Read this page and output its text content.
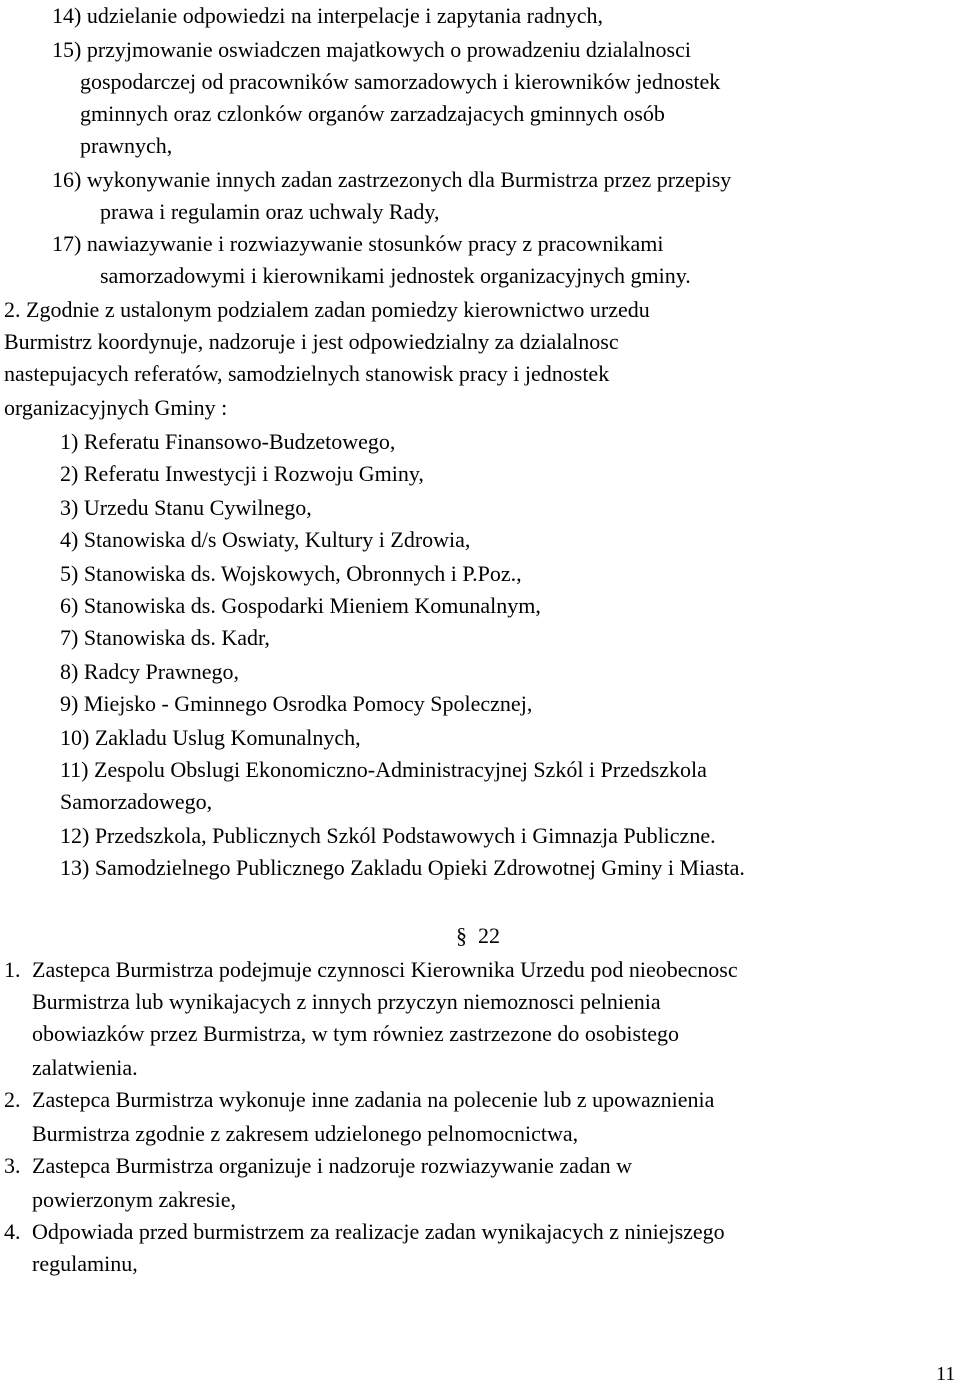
14) udzielanie odpowiedzi na interpelacje i zapytania radnych,
15) przyjmowanie oswiadczen majatkowych o prowadzeniu dzialalnosci
gospodarczej od pracowników samorzadowych i kierowników jednostek
gminnych oraz czlonków organów zarzadzajacych gminnych osób
prawnych,
16) wykonywanie innych zadan zastrzezonych dla Burmistrza przez przepisy
prawa i regulamin oraz uchwaly Rady,
17) nawiazywanie i rozwiazywanie stosunków pracy z pracownikami
samorzadowymi i kierownikami jednostek organizacyjnych gminy.
2. Zgodnie z ustalonym podzialem zadan pomiedzy kierownictwo urzedu
Burmistrz koordynuje, nadzoruje i jest odpowiedzialny za dzialalnosc
nastepujacych referatów, samodzielnych stanowisk pracy i jednostek
organizacyjnych Gminy :
1) Referatu Finansowo-Budzetowego,
2) Referatu Inwestycji i Rozwoju Gminy,
3) Urzedu Stanu Cywilnego,
4) Stanowiska d/s Oswiaty, Kultury i Zdrowia,
5) Stanowiska ds. Wojskowych, Obronnych i P.Poz.,
6) Stanowiska ds. Gospodarki Mieniem Komunalnym,
7) Stanowiska ds. Kadr,
8) Radcy Prawnego,
9) Miejsko - Gminnego Osrodka Pomocy Spolecznej,
10) Zakladu Uslug Komunalnych,
11) Zespolu Obslugi Ekonomiczno-Administracyjnej Szkól i Przedszkola
Samorzadowego,
12) Przedszkola, Publicznych Szkól Podstawowych i Gimnazja Publiczne.
13) Samodzielnego Publicznego Zakladu Opieki Zdrowotnej Gminy i Miasta.
§ 22
1. Zastepca Burmistrza podejmuje czynnosci Kierownika Urzedu pod nieobecnosc
Burmistrza lub wynikajacych z innych przyczyn niemoznosci pelnienia
obowiazków przez Burmistrza, w tym równiez zastrzezone do osobistego
zalatwienia.
2. Zastepca Burmistrza wykonuje inne zadania na polecenie lub z upowaznienia
Burmistrza zgodnie z zakresem udzielonego pelnomocnictwa,
3. Zastepca Burmistrza organizuje i nadzoruje rozwiazywanie zadan w
powierzonym zakresie,
4. Odpowiada przed burmistrzem za realizacje zadan wynikajacych z niniejszego
regulaminu,
11
